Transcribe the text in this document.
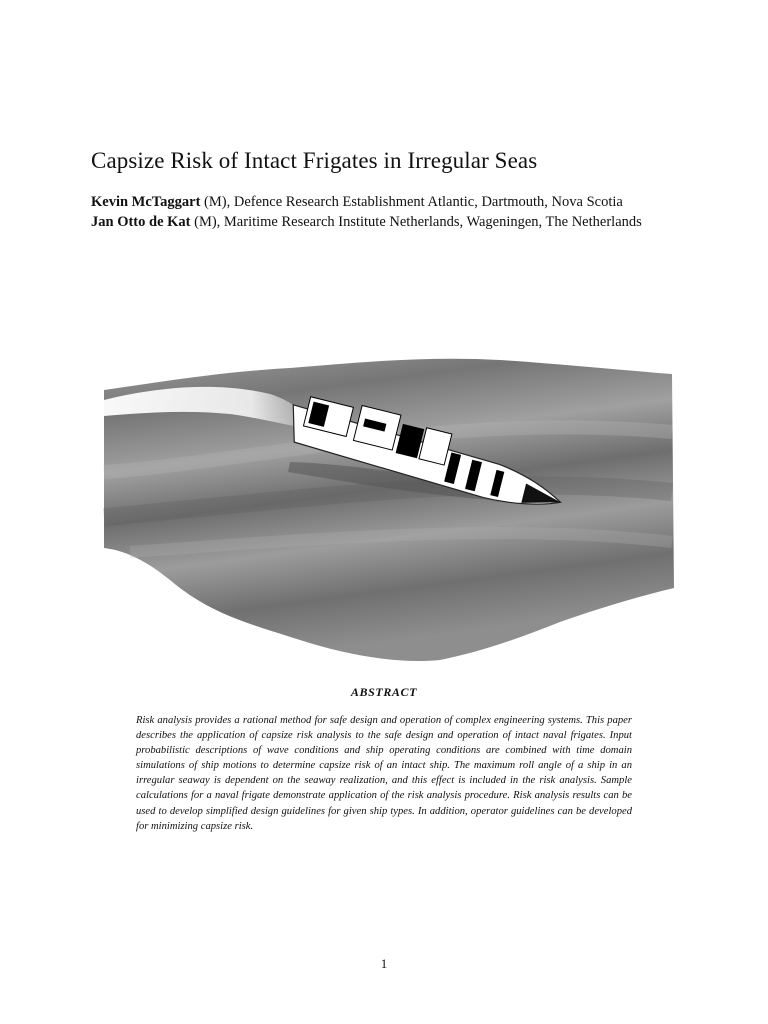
Capsize Risk of Intact Frigates in Irregular Seas

Kevin McTaggart (M), Defence Research Establishment Atlantic, Dartmouth, Nova Scotia

Jan Otto de Kat (M), Maritime Research Institute Netherlands, Wageningen, The Netherlands

ABSTRACT

Risk analysis provides a rational method for safe design and operation of complex engineering systems. This paper describes the application of capsize risk analysis to the safe design and operation of intact naval frigates. Input probabilistic descriptions of wave conditions and ship operating conditions are combined with time domain simulations of ship motions to determine capsize risk of an intact ship. The maximum roll angle of a ship in an irregular seaway is dependent on the seaway realization, and this effect is included in the risk analysis. Sample calculations for a naval frigate demonstrate application of the risk analysis procedure. Risk analysis results can be used to develop simplified design guidelines for given ship types. In addition, operator guidelines can be developed for minimizing capsize risk.

1
